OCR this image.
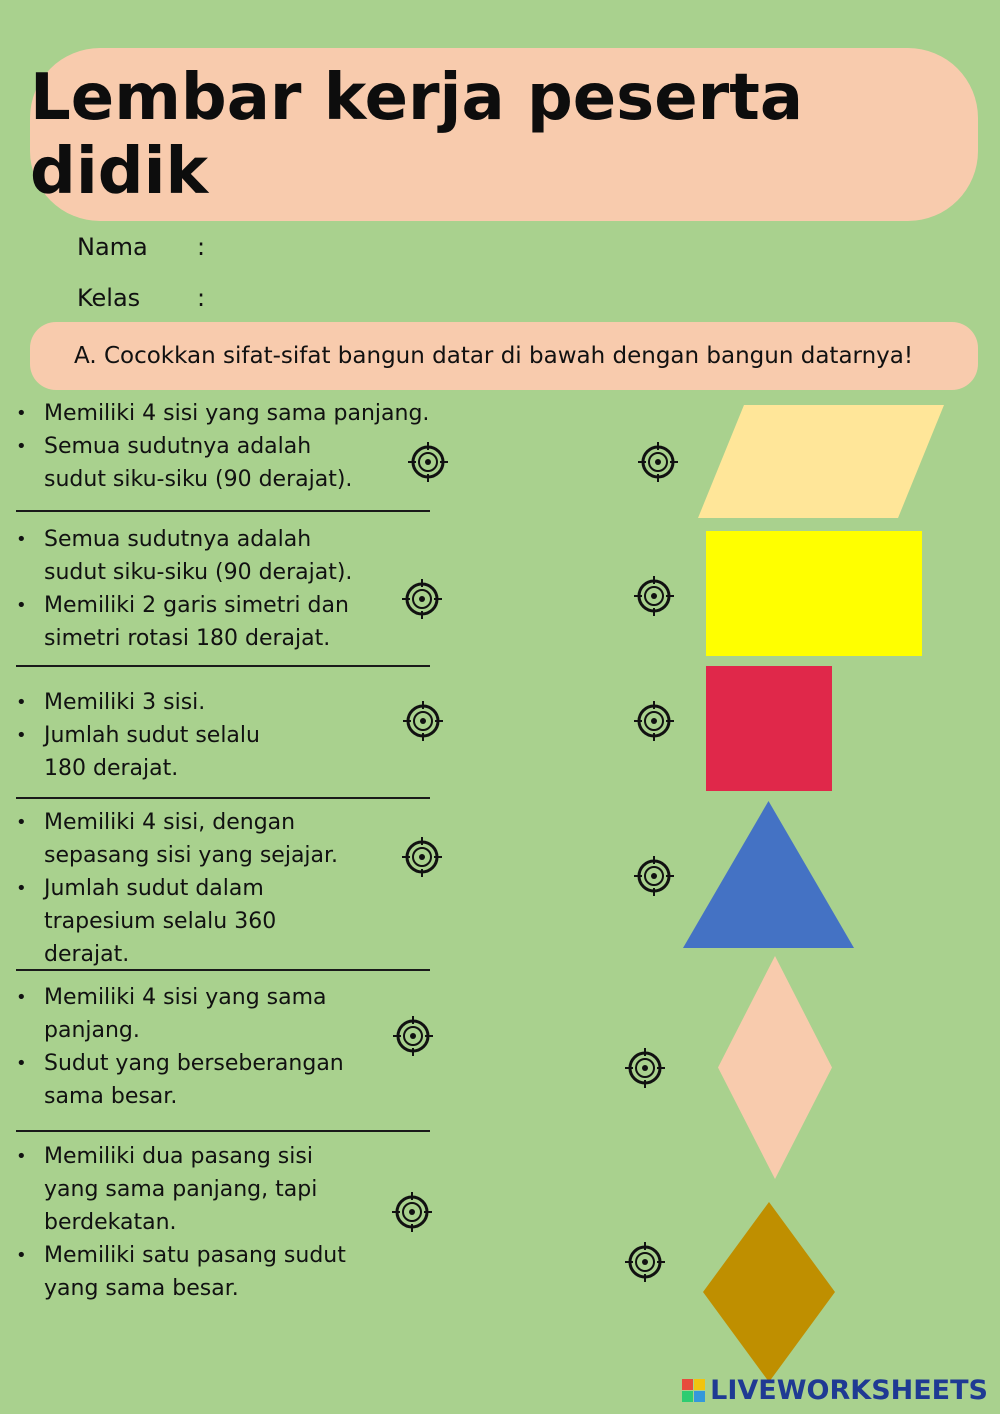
Lembar kerja peserta didik
Nama :
Kelas :
A. Cocokkan sifat-sifat bangun datar di bawah dengan bangun datarnya!
• Memiliki 4 sisi yang sama panjang.
• Semua sudutnya adalah sudut siku-siku (90 derajat).
• Semua sudutnya adalah sudut siku-siku (90 derajat).
• Memiliki 2 garis simetri dan simetri rotasi 180 derajat.
• Memiliki 3 sisi.
• Jumlah sudut selalu 180 derajat.
• Memiliki 4 sisi, dengan sepasang sisi yang sejajar.
• Jumlah sudut dalam trapesium selalu 360 derajat.
• Memiliki 4 sisi yang sama panjang.
• Sudut yang berseberangan sama besar.
• Memiliki dua pasang sisi yang sama panjang, tapi berdekatan.
• Memiliki satu pasang sudut yang sama besar.
LIVEWORKSHEETS
